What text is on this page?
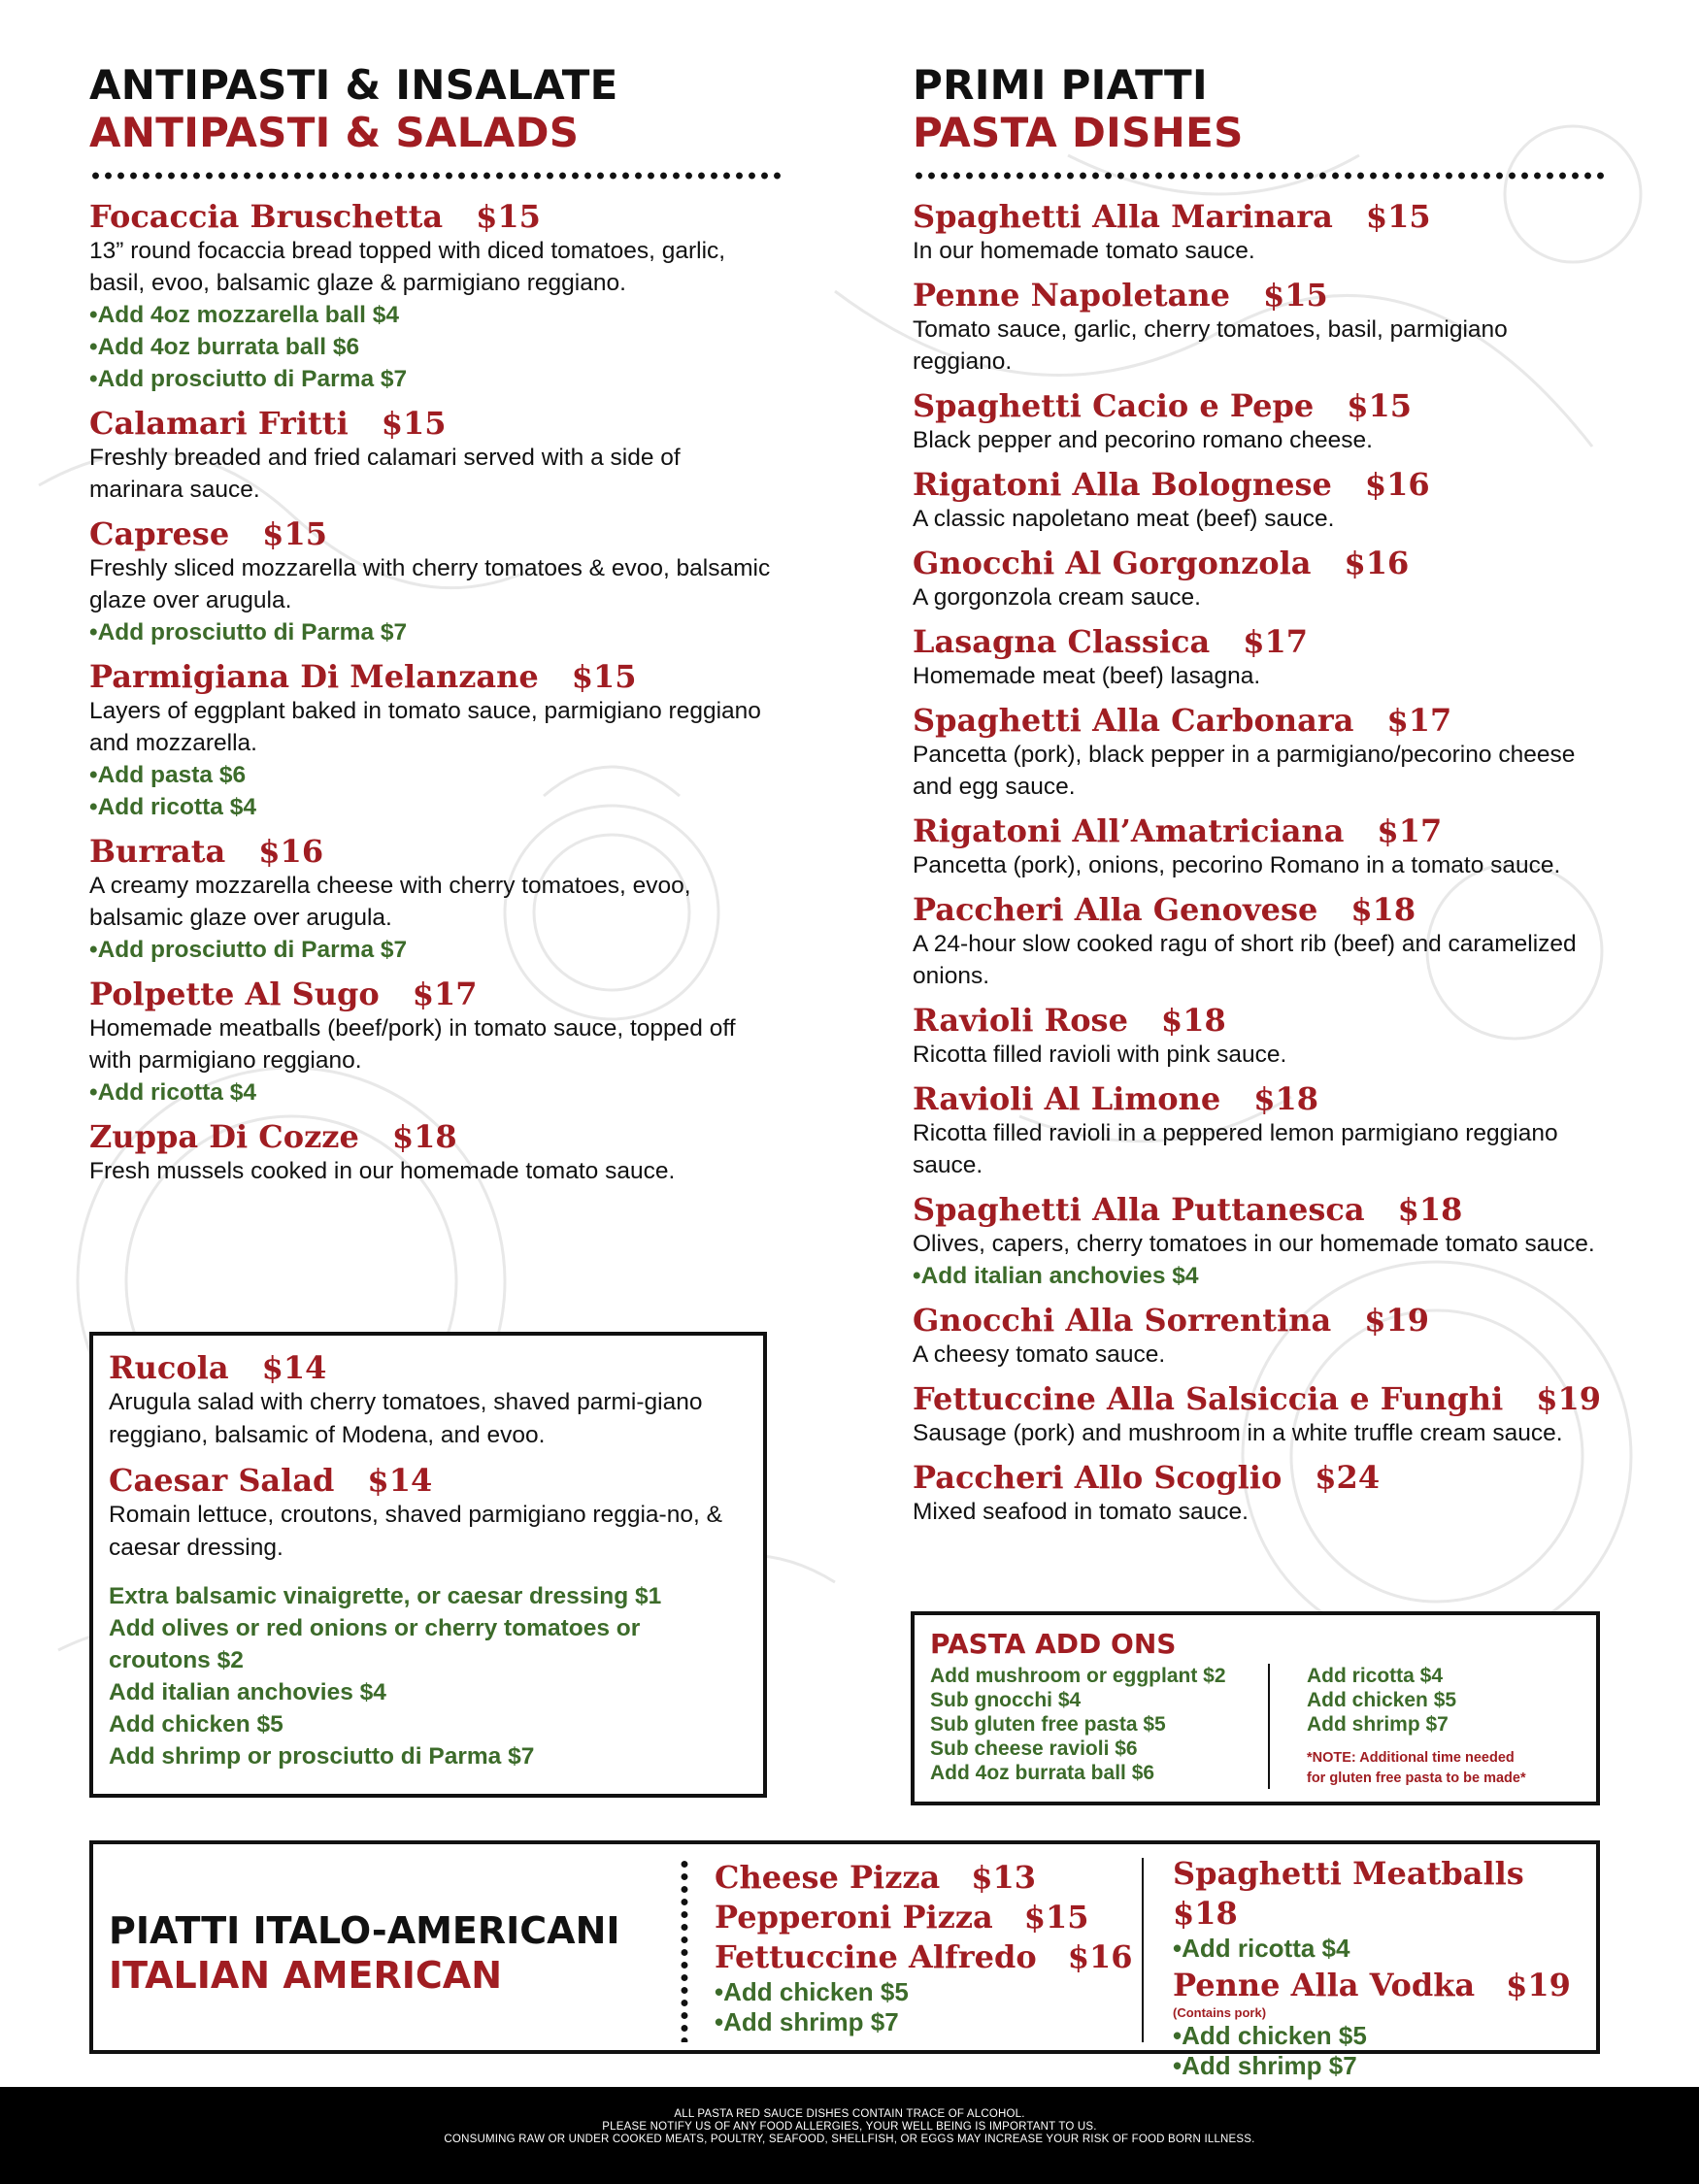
ANTIPASTI & INSALATE
ANTIPASTI & SALADS
Focaccia Bruschetta $15
13” round focaccia bread topped with diced tomatoes, garlic, basil, evoo, balsamic glaze & parmigiano reggiano.
•Add 4oz mozzarella ball $4
•Add 4oz burrata ball $6
•Add prosciutto di Parma $7
Calamari Fritti $15
Freshly breaded and fried calamari served with a side of marinara sauce.
Caprese $15
Freshly sliced mozzarella with cherry tomatoes & evoo, balsamic glaze over arugula.
•Add prosciutto di Parma $7
Parmigiana Di Melanzane $15
Layers of eggplant baked in tomato sauce, parmigiano reggiano and mozzarella.
•Add pasta $6
•Add ricotta $4
Burrata $16
A creamy mozzarella cheese with cherry tomatoes, evoo, balsamic glaze over arugula.
•Add prosciutto di Parma $7
Polpette Al Sugo $17
Homemade meatballs (beef/pork) in tomato sauce, topped off with parmigiano reggiano.
•Add ricotta $4
Zuppa Di Cozze $18
Fresh mussels cooked in our homemade tomato sauce.
Rucola $14
Arugula salad with cherry tomatoes, shaved parmi-giano reggiano, balsamic of Modena, and evoo.
Caesar Salad $14
Romain lettuce, croutons, shaved parmigiano reggia-no, & caesar dressing.
Extra balsamic vinaigrette, or caesar dressing $1
Add olives or red onions or cherry tomatoes or croutons $2
Add italian anchovies $4
Add chicken $5
Add shrimp or prosciutto di Parma $7
PRIMI PIATTI
PASTA DISHES
Spaghetti Alla Marinara $15
In our homemade tomato sauce.
Penne Napoletane $15
Tomato sauce, garlic, cherry tomatoes, basil, parmigiano reggiano.
Spaghetti Cacio e Pepe $15
Black pepper and pecorino romano cheese.
Rigatoni Alla Bolognese $16
A classic napoletano meat (beef) sauce.
Gnocchi Al Gorgonzola $16
A gorgonzola cream sauce.
Lasagna Classica $17
Homemade meat (beef) lasagna.
Spaghetti Alla Carbonara $17
Pancetta (pork), black pepper in a parmigiano/pecorino cheese and egg sauce.
Rigatoni All’Amatriciana $17
Pancetta (pork), onions, pecorino Romano in a tomato sauce.
Paccheri Alla Genovese $18
A 24-hour slow cooked ragu of short rib (beef) and caramelized onions.
Ravioli Rose $18
Ricotta filled ravioli with pink sauce.
Ravioli Al Limone $18
Ricotta filled ravioli in a peppered lemon parmigiano reggiano sauce.
Spaghetti Alla Puttanesca $18
Olives, capers, cherry tomatoes in our homemade tomato sauce.
•Add italian anchovies $4
Gnocchi Alla Sorrentina $19
A cheesy tomato sauce.
Fettuccine Alla Salsiccia e Funghi $19
Sausage (pork) and mushroom in a white truffle cream sauce.
Paccheri Allo Scoglio $24
Mixed seafood in tomato sauce.
PASTA ADD ONS
Add mushroom or eggplant $2
Sub gnocchi $4
Sub gluten free pasta $5
Sub cheese ravioli $6
Add 4oz burrata ball $6
Add ricotta $4
Add chicken $5
Add shrimp $7
*NOTE: Additional time needed
for gluten free pasta to be made*
PIATTI ITALO-AMERICANI
ITALIAN AMERICAN
Cheese Pizza $13
Pepperoni Pizza $15
Fettuccine Alfredo $16
•Add chicken $5
•Add shrimp $7
Spaghetti Meatballs $18
•Add ricotta $4
Penne Alla Vodka $19
(Contains pork)
•Add chicken $5
•Add shrimp $7
ALL PASTA RED SAUCE DISHES CONTAIN TRACE OF ALCOHOL.
PLEASE NOTIFY US OF ANY FOOD ALLERGIES, YOUR WELL BEING IS IMPORTANT TO US.
CONSUMING RAW OR UNDER COOKED MEATS, POULTRY, SEAFOOD, SHELLFISH, OR EGGS MAY INCREASE YOUR RISK OF FOOD BORN ILLNESS.
